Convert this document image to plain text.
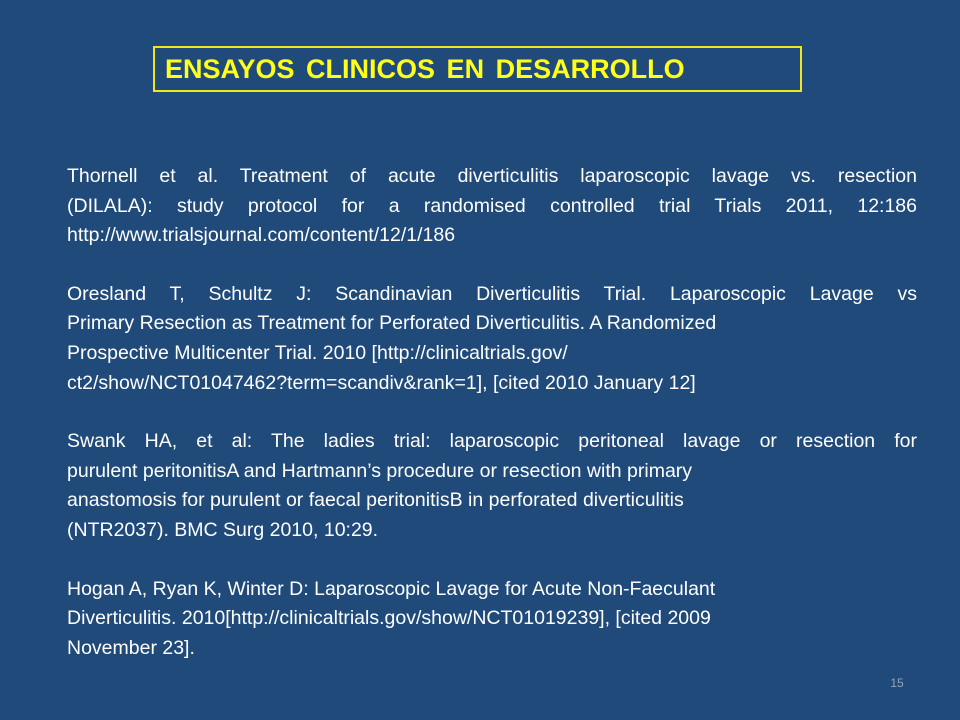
ENSAYOS CLINICOS EN DESARROLLO

Thornell et al. Treatment of acute diverticulitis laparoscopic lavage vs. resection
(DILALA): study protocol for a randomised controlled trial Trials 2011, 12:186
http://www.trialsjournal.com/content/12/1/186

Oresland T, Schultz J: Scandinavian Diverticulitis Trial. Laparoscopic Lavage vs
Primary Resection as Treatment for Perforated Diverticulitis. A Randomized
Prospective Multicenter Trial. 2010 [http://clinicaltrials.gov/
ct2/show/NCT01047462?term=scandiv&rank=1], [cited 2010 January 12]

Swank HA, et al: The ladies trial: laparoscopic peritoneal lavage or resection for
purulent peritonitisA and Hartmann’s procedure or resection with primary
anastomosis for purulent or faecal peritonitisB in perforated diverticulitis
(NTR2037). BMC Surg 2010, 10:29.

Hogan A, Ryan K, Winter D: Laparoscopic Lavage for Acute Non-Faeculant
Diverticulitis. 2010[http://clinicaltrials.gov/show/NCT01019239], [cited 2009
November 23].

15
